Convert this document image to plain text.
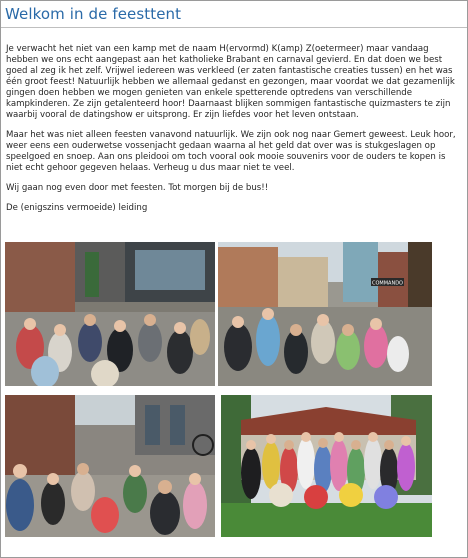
Welkom in de feesttent

Je verwacht het niet van een kamp met de naam H(ervormd) K(amp) Z(oetermeer) maar vandaag hebben we ons echt aangepast aan het katholieke Brabant en carnaval gevierd. En dat doen we best goed al zeg ik het zelf. Vrijwel iedereen was verkleed (er zaten fantastische creaties tussen) en het was één groot feest! Natuurlijk hebben we allemaal gedanst en gezongen, maar voordat we dat gezamenlijk gingen doen hebben we mogen genieten van enkele spetterende optredens van verschillende kampkinderen. Ze zijn getalenteerd hoor! Daarnaast blijken sommigen fantastische quizmasters te zijn waarbij vooral de datingshow er uitsprong. Er zijn liefdes voor het leven ontstaan.

Maar het was niet alleen feesten vanavond natuurlijk. We zijn ook nog naar Gemert geweest. Leuk hoor, weer eens een ouderwetse vossenjacht gedaan waarna al het geld dat over was is stukgeslagen op speelgoed en snoep. Aan ons pleidooi om toch vooral ook mooie souvenirs voor de ouders te kopen is niet echt gehoor gegeven helaas. Verheug u dus maar niet te veel.

Wij gaan nog even door met feesten. Tot morgen bij de bus!!

De (enigszins vermoeide) leiding

COMMANDO
